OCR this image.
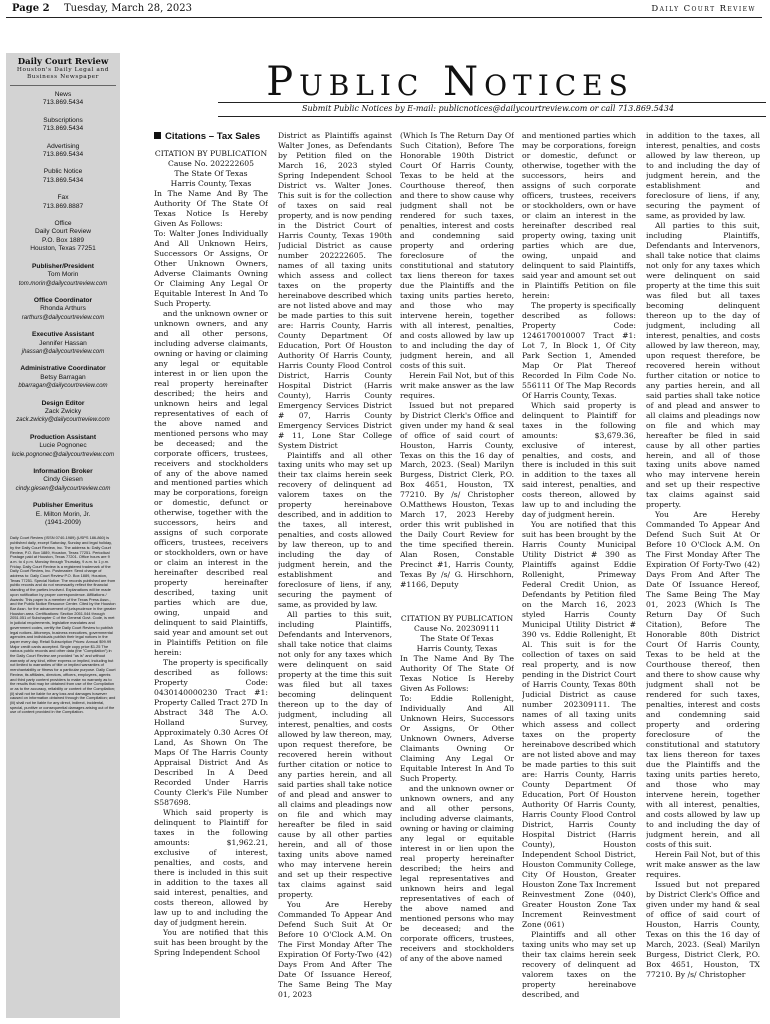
Page 2 Tuesday, March 28, 2023	Daily Court Review
Daily Court Review
Houston's Daily Legal and Business Newspaper
News
713.869.5434
Subscriptions
713.869.5434
Advertising
713.869.5434
Public Notice
713.869.5434
Fax
713.869.8887
Office
Daily Court Review
P.O. Box 1889
Houston, Texas 77251
Publisher/President
Tom Morin
tom.morin@dailycourtreview.com
Office Coordinator
Rhonda Arthurs
rarthurs@dailycourtreview.com
Executive Assistant
Jennifer Hassan
jhassan@dailycourtreview.com
Administrative Coordinator
Betsy Barragan
bbarragan@dailycourtreview.com
Design Editor
Zack Zwicky
zack.zwicky@dailycourtreview.com
Production Assistant
Lucie Pognonec
lucie.pognonec@dailycourtreview.com
Information Broker
Cindy Giesen
cindy.giesen@dailycourtreview.com
Publisher Emeritus
E. Milton Morin, Jr.
(1941-2009)
Daily Court Review (ISSN 0740-1989) (USPS 186-860) is published daily, except Saturday, Sunday and legal holiday, by the Daily Court Review, Inc. The address is: Daily Court Review, P.O. Box 1889, Houston, Texas 77251. Periodical Postage paid at Houston, Texas 77201. Office hours are 9 a.m. to 4 p.m. Monday through Thursday, 9 a.m. to 1 p.m. Friday. Daily Court Review is a registered trademark of the Daily Court Review, Inc. Postmaster: Send change of address to: Daily Court Review P.O. Box 1889, Houston, Texas 77251. Special Notice: The records published are from public records and do not necessarily reflect the financial standing of the parties involved. Explanations will be made upon notification by proper correspondence. Affiliations / Awards: This paper is a member of the Texas Press Assn., and the Public Notice Resource Center. Cited by the Houston Bar Assn. for the advancement of jurisprudence in the greater Houston area. Certifications: Section 2051.044 through 2051.051 of Subchapter C of the General Govt. Code, is met in judicial requirements, legislative mandates and government codes, certify the Daily Court Review to publish legal notices. Attorneys, business executives, governmental agencies and individuals publish their legal notices in the paper every day. Retail Subscription Prices: Annual $99.99 Major credit cards accepted. Single copy price $1.25 The various public records and other data (the "Compilation") in the Daily Court Review are provided "as is" and without warranty of any kind, either express or implied, including but not limited to warranties of title or implied warranties of merchantability or fitness for a particular purpose. Daily Court Review, its affiliates, directors, officers, employees, agents and third party content providers to make no warranty as to the results that may be obtained from use of the Compilation or as to the accuracy, reliability or content of the Compilation; (ii) shall not be liable for any loss and damages however caused on information obtained through the Compilation; and (iii) shall not be liable for any direct, indirect, incidental, special, punitive or consequential damages arising out of the use of content provided in the Compilation.
Public Notices
Submit Public Notices by E-mail: publicnotices@dailycourtreview.com or call 713.869.5434
Citations – Tax Sales
CITATION BY PUBLICATION
Cause No. 202222605
The State Of Texas
Harris County, Texas

In The Name And By The Authority Of The State Of Texas Notice Is Hereby Given As Follows:

To: Walter Jones Individually And All Unknown Heirs, Successors Or Assigns, Or Other Unknown Owners, Adverse Claimants Owning Or Claiming Any Legal Or Equitable Interest In And To Such Property.

and the unknown owner or unknown owners, and any and all other persons, including adverse claimants, owning or having or claiming any legal or equitable interest in or lien upon the real property hereinafter described; the heirs and unknown heirs and legal representatives of each of the above named and mentioned persons who may be deceased; and the corporate officers, trustees, receivers and stockholders of any of the above named and mentioned parties which may be corporations, foreign or domestic, defunct or otherwise, together with the successors, heirs and assigns of such corporate officers, trustees, receivers or stockholders, own or have or claim an interest in the hereinafter described real property hereinafter described, taxing unit parties which are due, owing, unpaid and delinquent to said Plaintiffs, said year and amount set out in Plaintiffs Petition on file herein:

The property is specifically described as follows: Property Code: 0430140000230 Tract #1: Property Called Tract 27D In Abstract 348 The A.O. Holland Survey, Approximately 0.30 Acres Of Land, As Shown On The Maps Of The Harris County Appraisal District And As Described In A Deed Recorded Under Harris County Clerk's File Number S587698.

Which said property is delinquent to Plaintiff for taxes in the following amounts: $1,962.21, exclusive of interest, penalties, and costs, and there is included in this suit in addition to the taxes all said interest, penalties, and costs thereon, allowed by law up to and including the day of judgment herein.

You are notified that this suit has been brought by the Spring Independent School

District as Plaintiffs against Walter Jones, as Defendants by Petition filed on the March 16, 2023 styled Spring Independent School District vs. Walter Jones. This suit is for the collection of taxes on said real property, and is now pending in the District Court of Harris County, Texas 190th Judicial District as cause number 202222605. The names of all taxing units which assess and collect taxes on the property hereinabove described which are not listed above and may be made parties to this suit are: Harris County, Harris County Department Of Education, Port Of Houston Authority Of Harris County, Harris County Flood Control District, Harris County Hospital District (Harris County), Harris County Emergency Services District # 07, Harris County Emergency Services District # 11, Lone Star College System District

Plaintiffs and all other taxing units who may set up their tax claims herein seek recovery of delinquent ad valorem taxes on the property hereinabove described, and in addition to the taxes, all interest, penalties, and costs allowed by law thereon, up to and including the day of judgment herein, and the establishment and foreclosure of liens, if any, securing the payment of same, as provided by law.

All parties to this suit, including Plaintiffs, Defendants and Intervenors, shall take notice that claims not only for any taxes which were delinquent on said property at the time this suit was filed but all taxes becoming delinquent thereon up to the day of judgment, including all interest, penalties, and costs allowed by law thereon, may, upon request therefore, be recovered herein without further citation or notice to any parties herein, and all said parties shall take notice of and plead and answer to all claims and pleadings now on file and which may hereafter be filed in said cause by all other parties herein, and all of those taxing units above named who may intervene herein and set up their respective tax claims against said property.

You Are Hereby Commanded To Appear And Defend Such Suit At Or Before 10 O'Clock A.M. On The First Monday After The Expiration Of Forty-Two (42) Days From And After The Date Of Issuance Hereof, The Same Being The May 01, 2023

(Which Is The Return Day Of Such Citation), Before The Honorable 190th District Court Of Harris County, Texas to be held at the Courthouse thereof, then and there to show cause why judgment shall not be rendered for such taxes, penalties, interest and costs and condemning said property and ordering foreclosure of the constitutional and statutory tax liens thereon for taxes due the Plaintiffs and the taxing units parties hereto, and those who may intervene herein, together with all interest, penalties, and costs allowed by law up to and including the day of judgment herein, and all costs of this suit.

Herein Fail Not, but of this writ make answer as the law requires.

Issued but not prepared by District Clerk's Office and given under my hand & seal of office of said court of Houston, Harris County, Texas on this the 16 day of March, 2023. (Seal) Marilyn Burgess, District Clerk, P.O. Box 4651, Houston, TX 77210. By /s/ Christopher O.Matthews Houston, Texas March 17, 2023 Hereby order this writ published in the Daily Court Review for the time specified therein. Alan Rosen, Constable Precinct #1, Harris County, Texas By /s/ G. Hirschhorn, #1166, Deputy

CITATION BY PUBLICATION
Cause No. 202309111
The State Of Texas
Harris County, Texas

In The Name And By The Authority Of The State Of Texas Notice Is Hereby Given As Follows:

To: Eddie Rollenight, Individually And All Unknown Heirs, Successors Or Assigns, Or Other Unknown Owners, Adverse Claimants Owning Or Claiming Any Legal Or Equitable Interest In And To Such Property.

and the unknown owner or unknown owners, and any and all other persons, including adverse claimants, owning or having or claiming any legal or equitable interest in or lien upon the real property hereinafter described; the heirs and legal representatives and unknown heirs and legal representatives of each of the above named and mentioned persons who may be deceased; and the corporate officers, trustees, receivers and stockholders of any of the above named

and mentioned parties which may be corporations, foreign or domestic, defunct or otherwise, together with the successors, heirs and assigns of such corporate officers, trustees, receivers or stockholders, own or have or claim an interest in the hereinafter described real property owing, taxing unit parties which are due, owing, unpaid and delinquent to said Plaintiffs, said year and amount set out in Plaintiffs Petition on file herein:

The property is specifically described as follows: Property Code: 1246170010007 Tract #1: Lot 7, In Block 1, Of City Park Section 1, Amended Map Or Plat Thereof Recorded In Film Code No. 556111 Of The Map Records Of Harris County, Texas.

Which said property is delinquent to Plaintiff for taxes in the following amounts: $3,679.36, exclusive of interest, penalties, and costs, and there is included in this suit in addition to the taxes all said interest, penalties, and costs thereon, allowed by law up to and including the day of judgment herein.

You are notified that this suit has been brought by the Harris County Municipal Utility District # 390 as Plaintiffs against Eddie Rollenight, Primeway Federal Credit Union, as Defendants by Petition filed on the March 16, 2023 styled Harris County Municipal Utility District # 390 vs. Eddie Rollenight, Et Al. This suit is for the collection of taxes on said real property, and is now pending in the District Court of Harris County, Texas 80th Judicial District as cause number 202309111. The names of all taxing units which assess and collect taxes on the property hereinabove described which are not listed above and may be made parties to this suit are: Harris County, Harris County Department Of Education, Port Of Houston Authority Of Harris County, Harris County Flood Control District, Harris County Hospital District (Harris County), Houston Independent School District, Houston Community College, City Of Houston, Greater Houston Zone Tax Increment Reinvestment Zone (040), Greater Houston Zone Tax Increment Reinvestment Zone (061)

Plaintiffs and all other taxing units who may set up their tax claims herein seek recovery of delinquent ad valorem taxes on the property hereinabove described, and

in addition to the taxes, all interest, penalties, and costs allowed by law thereon, up to and including the day of judgment herein, and the establishment and foreclosure of liens, if any, securing the payment of same, as provided by law.

All parties to this suit, including Plaintiffs, Defendants and Intervenors, shall take notice that claims not only for any taxes which were delinquent on said property at the time this suit was filed but all taxes becoming delinquent thereon up to the day of judgment, including all interest, penalties, and costs allowed by law thereon, may, upon request therefore, be recovered herein without further citation or notice to any parties herein, and all said parties shall take notice of and plead and answer to all claims and pleadings now on file and which may hereafter be filed in said cause by all other parties herein, and all of those taxing units above named who may intervene herein and set up their respective tax claims against said property.

You Are Hereby Commanded To Appear And Defend Such Suit At Or Before 10 O'Clock A.M. On The First Monday After The Expiration Of Forty-Two (42) Days From And After The Date Of Issuance Hereof, The Same Being The May 01, 2023 (Which Is The Return Day Of Such Citation), Before The Honorable 80th District Court Of Harris County, Texas to be held at the Courthouse thereof, then and there to show cause why judgment shall not be rendered for such taxes, penalties, interest and costs and condemning said property and ordering foreclosure of the constitutional and statutory tax liens thereon for taxes due the Plaintiffs and the taxing units parties hereto, and those who may intervene herein, together with all interest, penalties, and costs allowed by law up to and including the day of judgment herein, and all costs of this suit.

Herein Fail Not, but of this writ make answer as the law requires.

Issued but not prepared by District Clerk's Office and given under my hand & seal of office of said court of Houston, Harris County, Texas on this the 16 day of March, 2023. (Seal) Marilyn Burgess, District Clerk, P.O. Box 4651, Houston, TX 77210. By /s/ Christopher
